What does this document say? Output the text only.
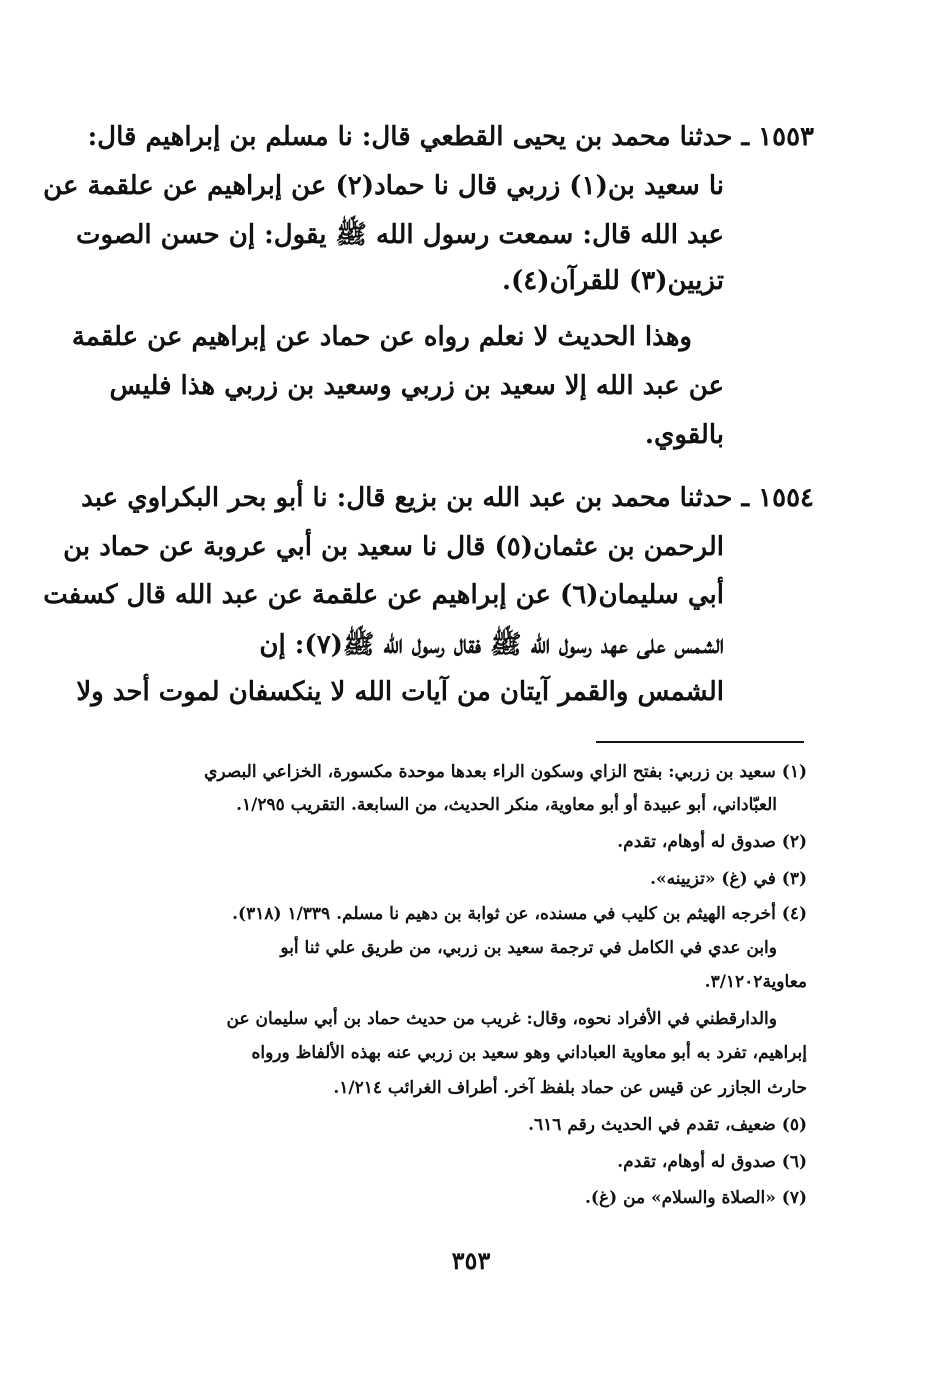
١٥٥٣ ـ حدثنا محمد بن يحيى القطعي قال: نا مسلم بن إبراهيم قال:
نا سعيد بن(١) زربي قال نا حماد(٢) عن إبراهيم عن علقمة عن
عبد الله قال: سمعت رسول الله ﷺ يقول: إن حسن الصوت
تزيين(٣) للقرآن(٤).
وهذا الحديث لا نعلم رواه عن حماد عن إبراهيم عن علقمة
عن عبد الله إلا سعيد بن زربي وسعيد بن زربي هذا فليس
بالقوي.
١٥٥٤ ـ حدثنا محمد بن عبد الله بن بزيع قال: نا أبو بحر البكراوي عبد
الرحمن بن عثمان(٥) قال نا سعيد بن أبي عروبة عن حماد بن
أبي سليمان(٦) عن إبراهيم عن علقمة عن عبد الله قال كسفت
الشمس على عهد رسول الله ﷺ فقال رسول الله ﷺ(٧): إن
الشمس والقمر آيتان من آيات الله لا ينكسفان لموت أحد ولا
(١) سعيد بن زربي: بفتح الزاي وسكون الراء بعدها موحدة مكسورة، الخزاعي البصري
العبّاداني، أبو عبيدة أو أبو معاوية، منكر الحديث، من السابعة. التقريب ١/٢٩٥.
(٢) صدوق له أوهام، تقدم.
(٣) في (غ) «تزيينه».
(٤) أخرجه الهيثم بن كليب في مسنده، عن ثوابة بن دهيم نا مسلم. ١/٣٣٩ (٣١٨).
وابن عدي في الكامل في ترجمة سعيد بن زربي، من طريق علي ثنا أبو
معاوية٣/١٢٠٢.
والدارقطني في الأفراد نحوه، وقال: غريب من حديث حماد بن أبي سليمان عن
إبراهيم، تفرد به أبو معاوية العباداني وهو سعيد بن زربي عنه بهذه الألفاظ ورواه
حارث الجازر عن قيس عن حماد بلفظ آخر. أطراف الغرائب ١/٢١٤.
(٥) ضعيف، تقدم في الحديث رقم ٦١٦.
(٦) صدوق له أوهام، تقدم.
(٧) «الصلاة والسلام» من (غ).
٣٥٣
